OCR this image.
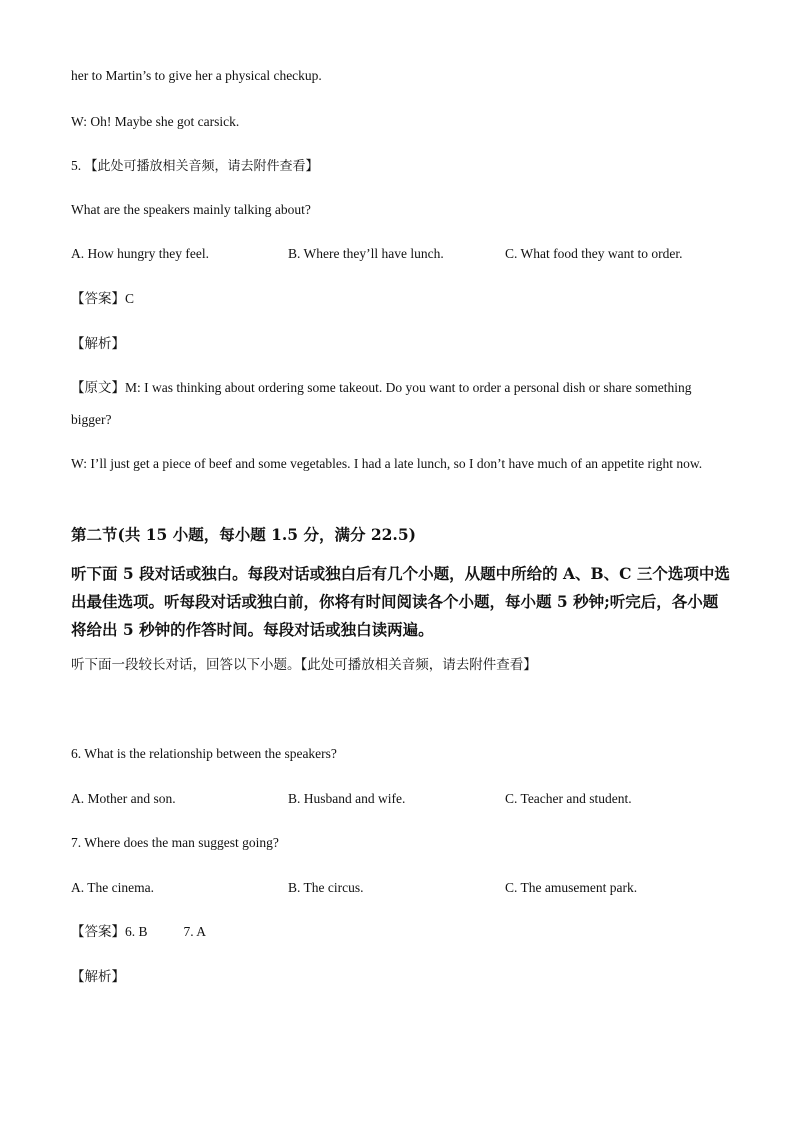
her to Martin’s to give her a physical checkup.
W: Oh! Maybe she got carsick.
5. 【此处可播放相关音频，请去附件查看】
What are the speakers mainly talking about?
A. How hungry they feel.	B. Where they’ll have lunch.	C. What food they want to order.
【答案】C
【解析】
【原文】M: I was thinking about ordering some takeout. Do you want to order a personal dish or share something bigger?
W: I’ll just get a piece of beef and some vegetables. I had a late lunch, so I don’t have much of an appetite right now.
第二节(共 15 小题，每小题 1.5 分，满分 22.5)
听下面 5 段对话或独白。每段对话或独白后有几个小题，从题中所给的 A、B、C 三个选项中选出最佳选项。听每段对话或独白前，你将有时间阅读各个小题，每小题 5 秒钟;听完后，各小题将给出 5 秒钟的作答时间。每段对话或独白读两遍。
听下面一段较长对话，回答以下小题。【此处可播放相关音频，请去附件查看】
6. What is the relationship between the speakers?
A. Mother and son.	B. Husband and wife.	C. Teacher and student.
7. Where does the man suggest going?
A. The cinema.	B. The circus.	C. The amusement park.
【答案】6. B	7. A
【解析】
